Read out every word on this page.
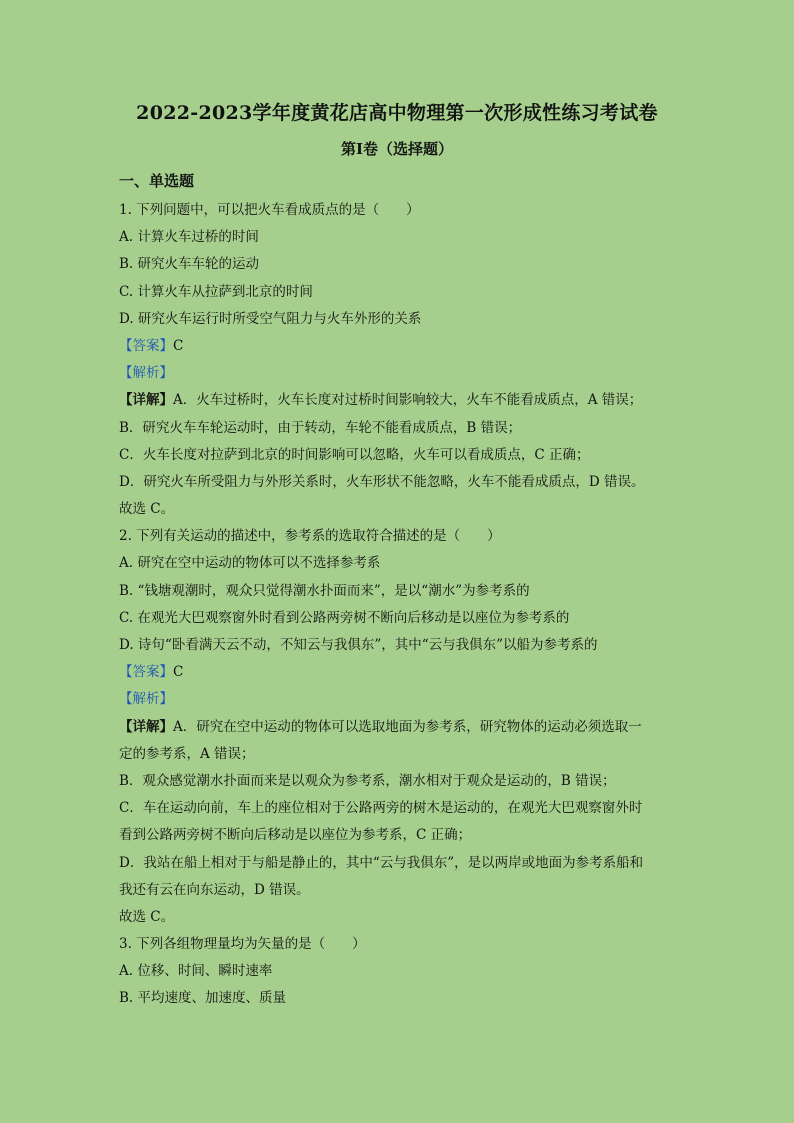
2022-2023学年度黄花店高中物理第一次形成性练习考试卷
第I卷（选择题）
一、单选题
1. 下列问题中，可以把火车看成质点的是（　　）
A. 计算火车过桥的时间
B. 研究火车车轮的运动
C. 计算火车从拉萨到北京的时间
D. 研究火车运行时所受空气阻力与火车外形的关系
【答案】C
【解析】
【详解】A．火车过桥时，火车长度对过桥时间影响较大，火车不能看成质点，A 错误；
B．研究火车车轮运动时，由于转动，车轮不能看成质点，B 错误；
C．火车长度对拉萨到北京的时间影响可以忽略，火车可以看成质点，C 正确；
D．研究火车所受阻力与外形关系时，火车形状不能忽略，火车不能看成质点，D 错误。
故选 C。
2. 下列有关运动的描述中，参考系的选取符合描述的是（　　）
A. 研究在空中运动的物体可以不选择参考系
B. “钱塘观潮时，观众只觉得潮水扑面而来”，是以“潮水”为参考系的
C. 在观光大巴观察窗外时看到公路两旁树不断向后移动是以座位为参考系的
D. 诗句“卧看满天云不动，不知云与我俱东”，其中“云与我俱东”以船为参考系的
【答案】C
【解析】
【详解】A．研究在空中运动的物体可以选取地面为参考系，研究物体的运动必须选取一
定的参考系，A 错误；
B．观众感觉潮水扑面而来是以观众为参考系，潮水相对于观众是运动的，B 错误；
C．车在运动向前，车上的座位相对于公路两旁的树木是运动的，在观光大巴观察窗外时
看到公路两旁树不断向后移动是以座位为参考系，C 正确；
D．我站在船上相对于与船是静止的，其中“云与我俱东”，是以两岸或地面为参考系船和
我还有云在向东运动，D 错误。
故选 C。
3. 下列各组物理量均为矢量的是（　　）
A. 位移、时间、瞬时速率
B. 平均速度、加速度、质量
